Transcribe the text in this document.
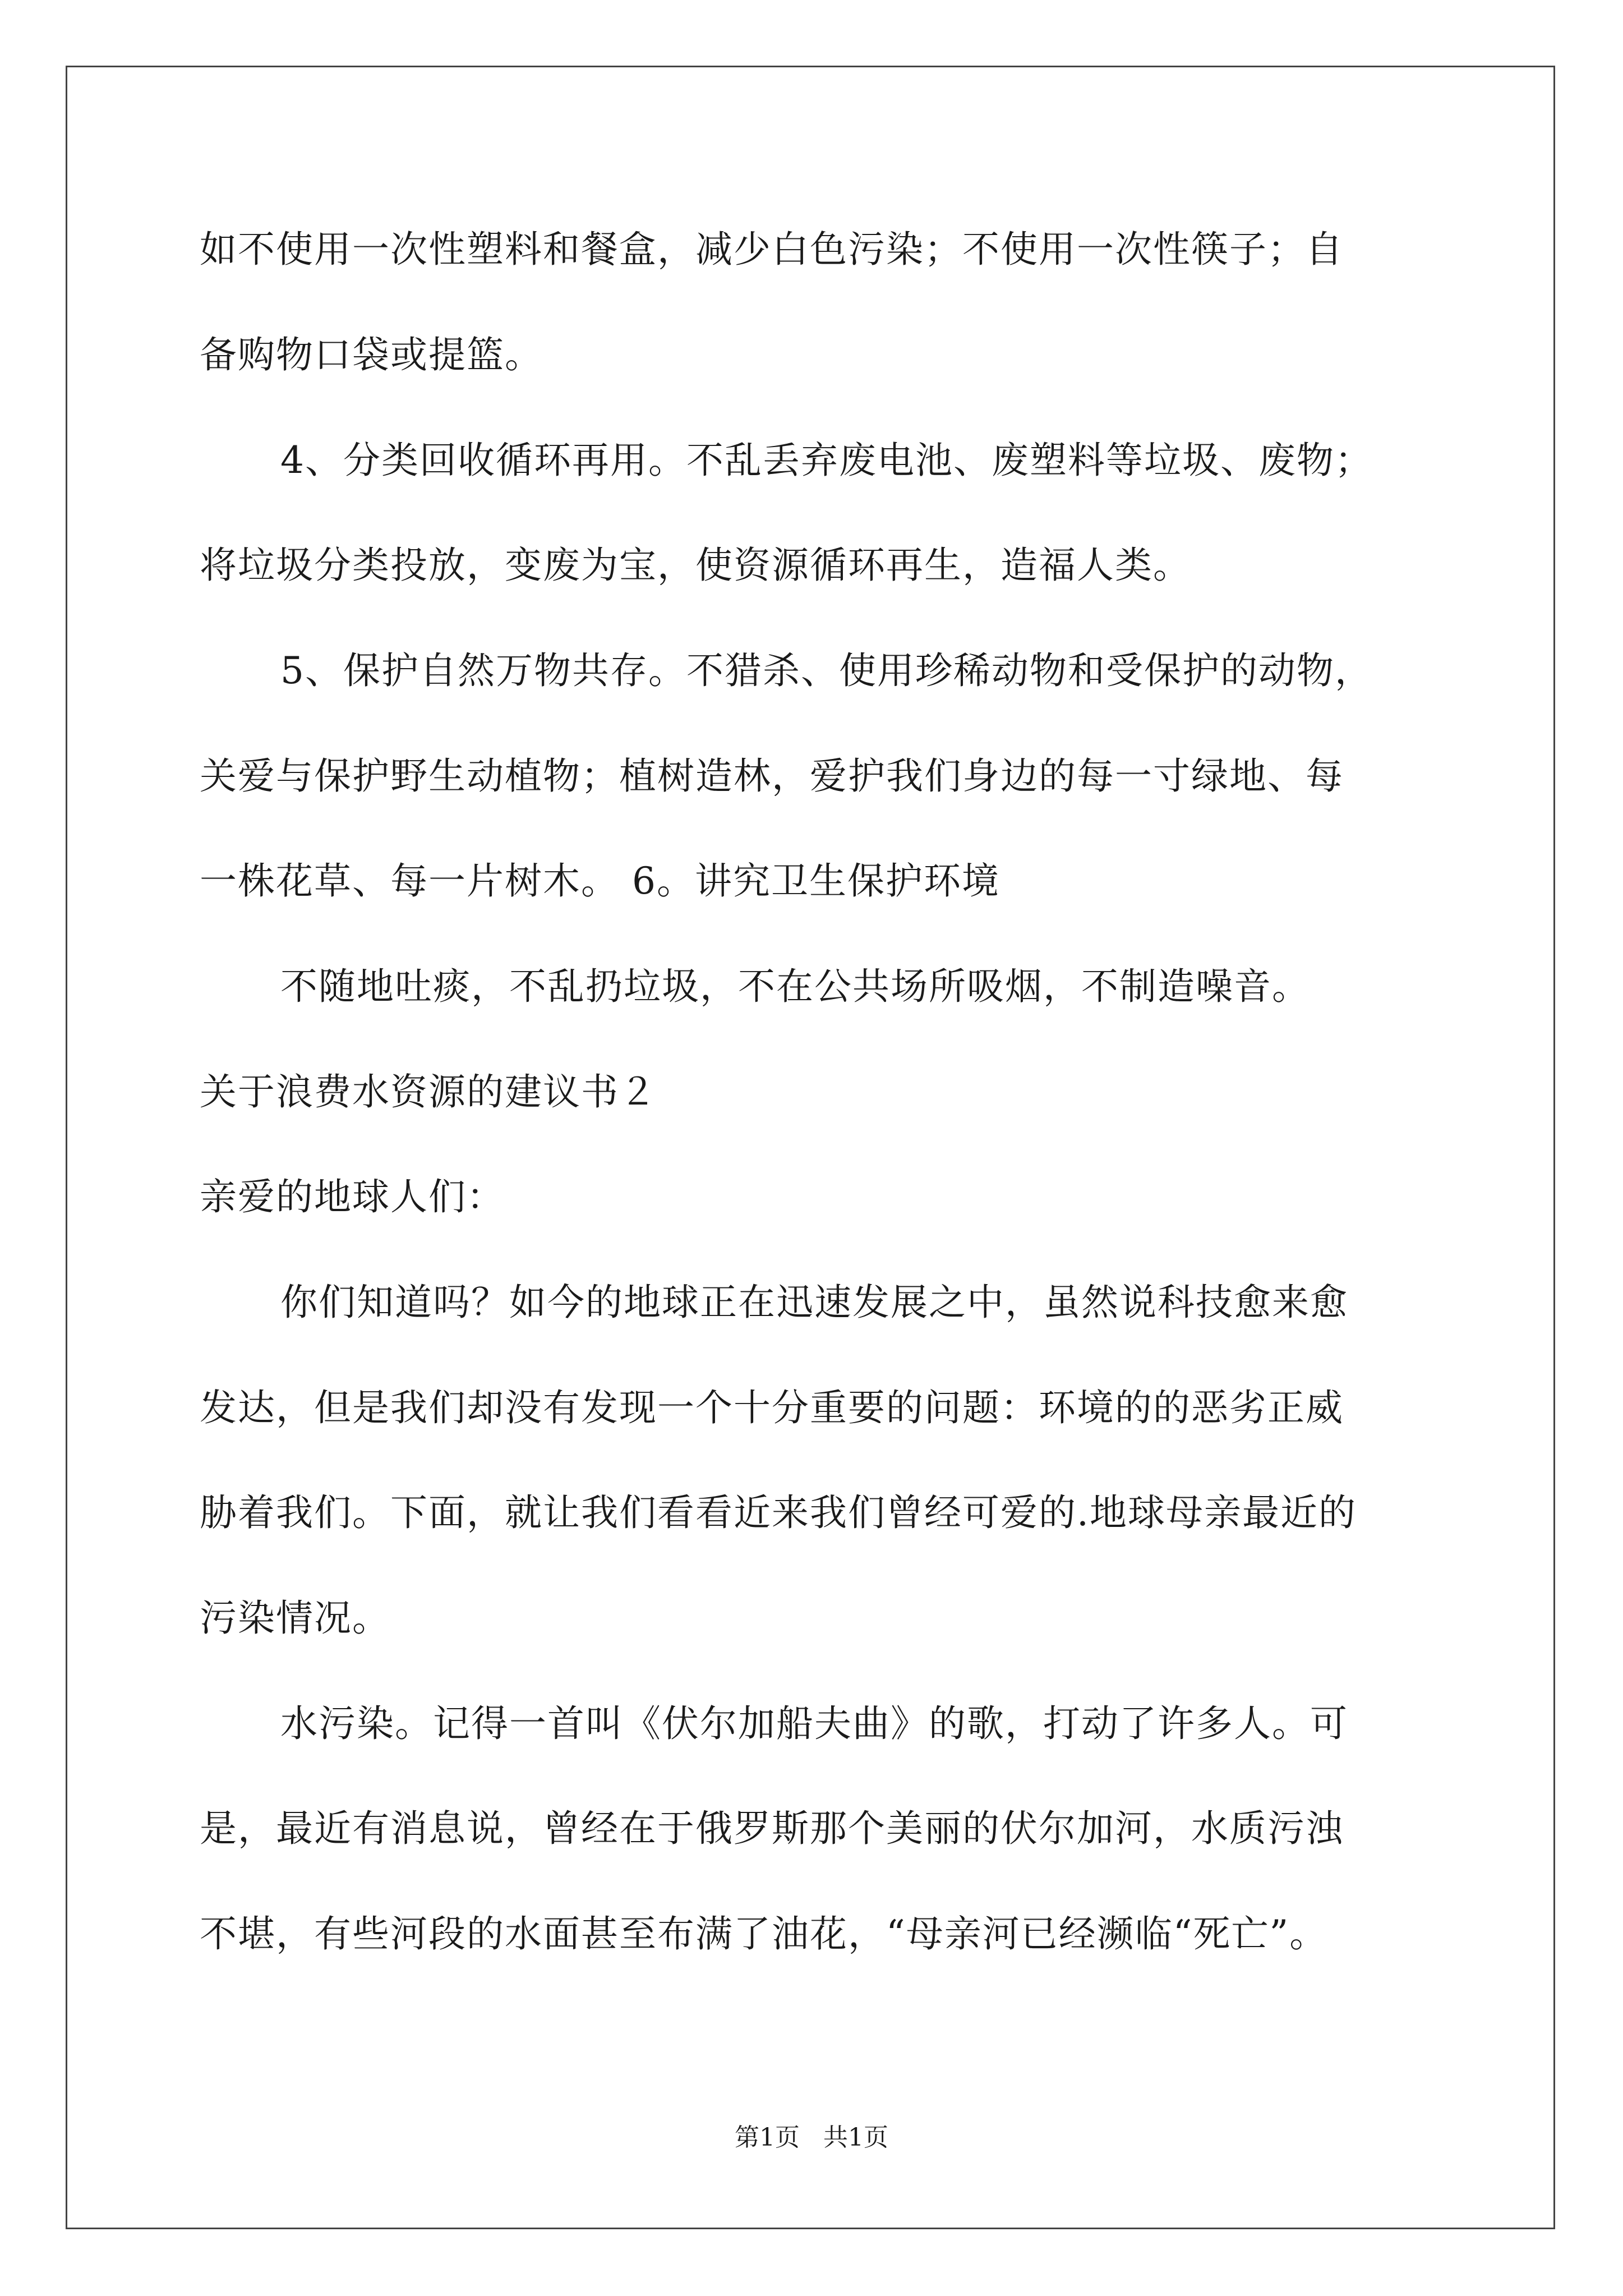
如不使用一次性塑料和餐盒，减少白色污染；不使用一次性筷子；自
备购物口袋或提篮。
4、分类回收循环再用。不乱丢弃废电池、废塑料等垃圾、废物；
将垃圾分类投放，变废为宝，使资源循环再生，造福人类。
5、保护自然万物共存。不猎杀、使用珍稀动物和受保护的动物，
关爱与保护野生动植物；植树造林，爱护我们身边的每一寸绿地、每
一株花草、每一片树木。 6。讲究卫生保护环境
不随地吐痰，不乱扔垃圾，不在公共场所吸烟，不制造噪音。
关于浪费水资源的建议书２
亲爱的地球人们：
你们知道吗？如今的地球正在迅速发展之中，虽然说科技愈来愈
发达，但是我们却没有发现一个十分重要的问题：环境的的恶劣正威
胁着我们。下面，就让我们看看近来我们曾经可爱的.地球母亲最近的
污染情况。
水污染。记得一首叫《伏尔加船夫曲》的歌，打动了许多人。可
是，最近有消息说，曾经在于俄罗斯那个美丽的伏尔加河，水质污浊
不堪，有些河段的水面甚至布满了油花，“母亲河已经濒临“死亡”。
第1页   共1页
